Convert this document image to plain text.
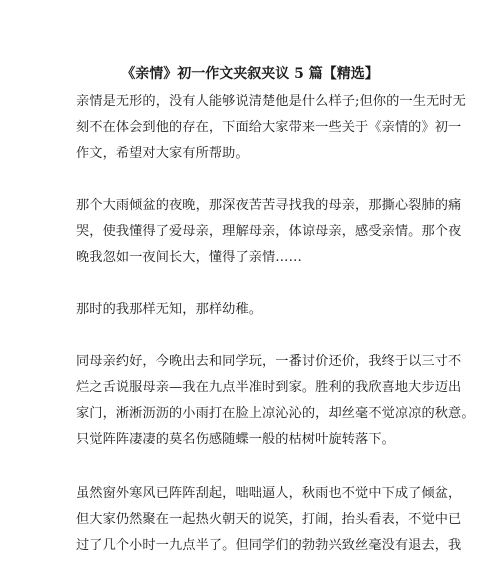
《亲情》初一作文夹叙夹议 5 篇【精选】
亲情是无形的，没有人能够说清楚他是什么样子;但你的一生无时无
刻不在体会到他的存在，下面给大家带来一些关于《亲情的》初一
作文，希望对大家有所帮助。
那个大雨倾盆的夜晚，那深夜苦苦寻找我的母亲，那撕心裂肺的痛
哭，使我懂得了爱母亲，理解母亲，体谅母亲，感受亲情。那个夜
晚我忽如一夜间长大，懂得了亲情……
那时的我那样无知，那样幼稚。
同母亲约好，今晚出去和同学玩，一番讨价还价，我终于以三寸不
烂之舌说服母亲—我在九点半准时到家。胜利的我欣喜地大步迈出
家门，淅淅沥沥的小雨打在脸上凉沁沁的，却丝毫不觉凉凉的秋意。
只觉阵阵凄凄的莫名伤感随蝶一般的枯树叶旋转落下。
虽然窗外寒风已阵阵刮起，咄咄逼人，秋雨也不觉中下成了倾盆，
但大家仍然聚在一起热火朝天的说笑，打闹，抬头看表，不觉中已
过了几个小时一九点半了。但同学们的勃勃兴致丝毫没有退去，我
